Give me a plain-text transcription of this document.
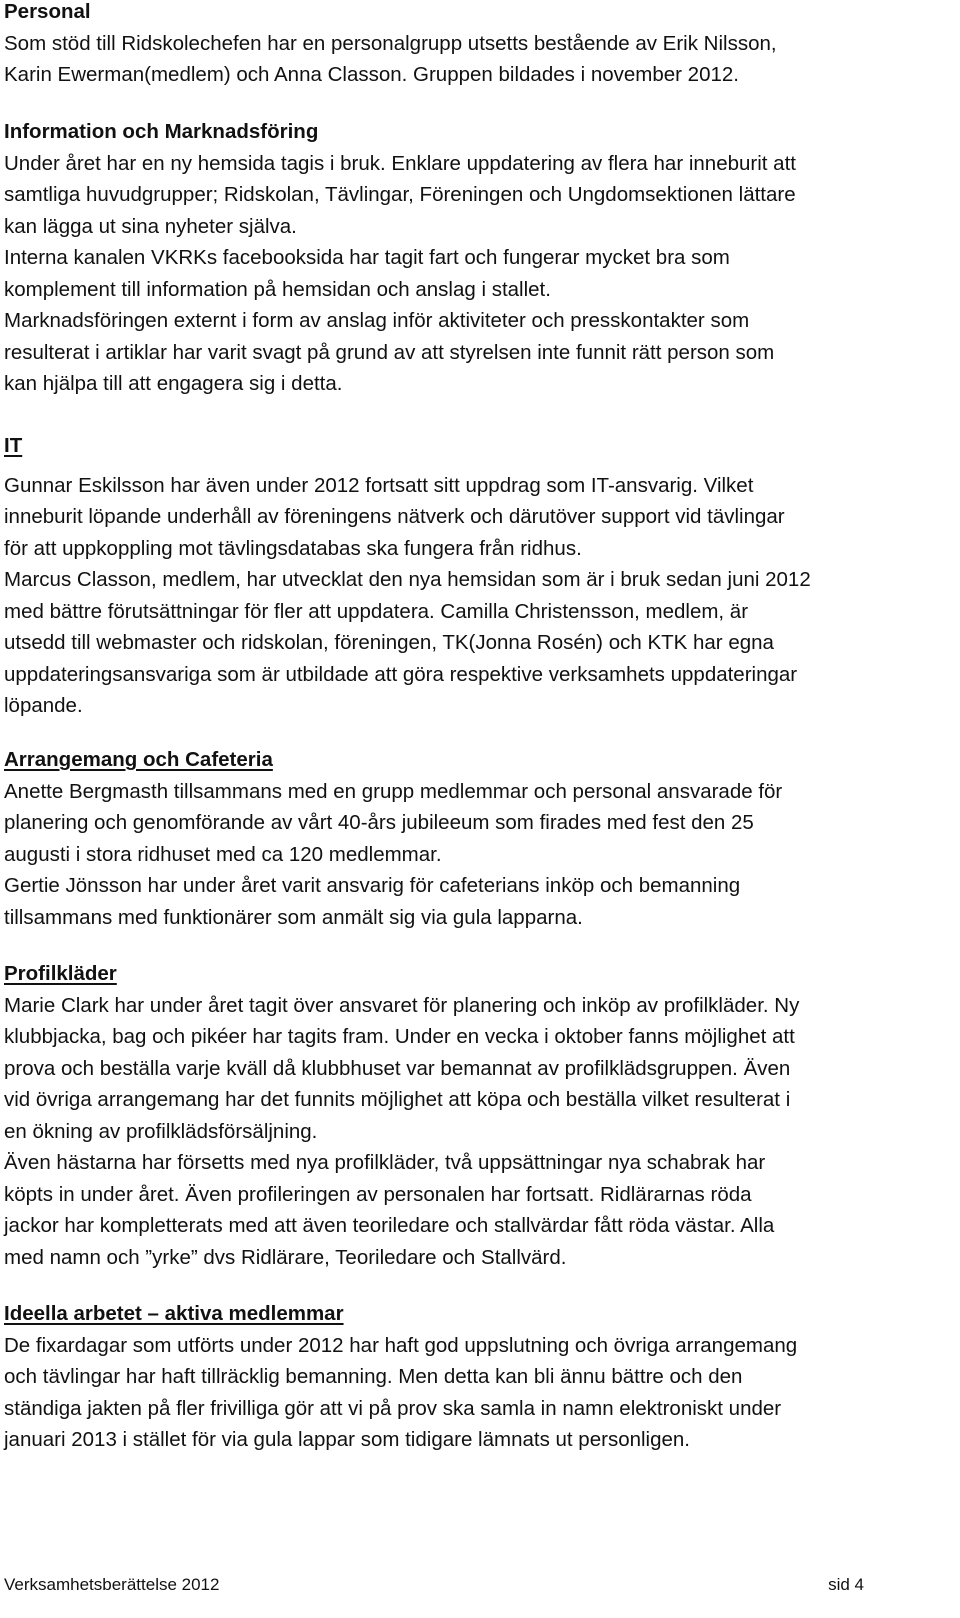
Personal
Som stöd till Ridskolechefen har en personalgrupp utsetts bestående av Erik Nilsson,
Karin Ewerman(medlem) och Anna Classon. Gruppen bildades i november 2012.
Information och Marknadsföring
Under året har en ny hemsida tagis i bruk. Enklare uppdatering av flera har inneburit att
samtliga huvudgrupper; Ridskolan, Tävlingar, Föreningen och Ungdomsektionen lättare
kan lägga ut sina nyheter själva.
Interna kanalen VKRKs facebooksida har tagit fart och fungerar mycket bra som
komplement till information på hemsidan och anslag i stallet.
Marknadsföringen externt i form av anslag inför aktiviteter och presskontakter som
resulterat i artiklar har varit svagt på grund av att styrelsen inte funnit rätt person som
kan hjälpa till att engagera sig i detta.
IT
Gunnar Eskilsson har även under 2012 fortsatt sitt uppdrag som IT-ansvarig. Vilket
inneburit löpande underhåll av föreningens nätverk och därutöver support vid tävlingar
för att uppkoppling mot tävlingsdatabas ska fungera från ridhus.
Marcus Classon, medlem, har utvecklat den nya hemsidan som är i bruk sedan juni 2012
med bättre förutsättningar för fler att uppdatera. Camilla Christensson, medlem, är
utsedd till webmaster och ridskolan, föreningen, TK(Jonna Rosén) och KTK har egna
uppdateringsansvariga som är utbildade att göra respektive verksamhets uppdateringar
löpande.
Arrangemang och Cafeteria
Anette Bergmasth tillsammans med en grupp medlemmar och personal ansvarade för
planering och genomförande av vårt 40-års jubileeum som firades med fest den 25
augusti i stora ridhuset med ca 120 medlemmar.
Gertie Jönsson har under året varit ansvarig för cafeterians inköp och bemanning
tillsammans med funktionärer som anmält sig via gula lapparna.
Profilkläder
Marie Clark har under året tagit över ansvaret för planering och inköp av profilkläder. Ny
klubbjacka, bag och pikéer har tagits fram. Under en vecka i oktober fanns möjlighet att
prova och beställa varje kväll då klubbhuset var bemannat av profilklädsgruppen. Även
vid övriga arrangemang har det funnits möjlighet att köpa och beställa vilket resulterat i
en ökning av profilklädsförsäljning.
Även hästarna har försetts med nya profilkläder, två uppsättningar nya schabrak har
köpts in under året. Även profileringen av personalen har fortsatt. Ridlärarnas röda
jackor har kompletterats med att även teoriledare och stallvärdar fått röda västar. Alla
med namn och ”yrke” dvs Ridlärare, Teoriledare och Stallvärd.
Ideella arbetet – aktiva medlemmar
De fixardagar som utförts under 2012 har haft god uppslutning och övriga arrangemang
och tävlingar har haft tillräcklig bemanning. Men detta kan bli ännu bättre och den
ständiga jakten på fler frivilliga gör att vi på prov ska samla in namn elektroniskt under
januari 2013 i stället för via gula lappar som tidigare lämnats ut personligen.
Verksamhetsberättelse 2012	sid 4
